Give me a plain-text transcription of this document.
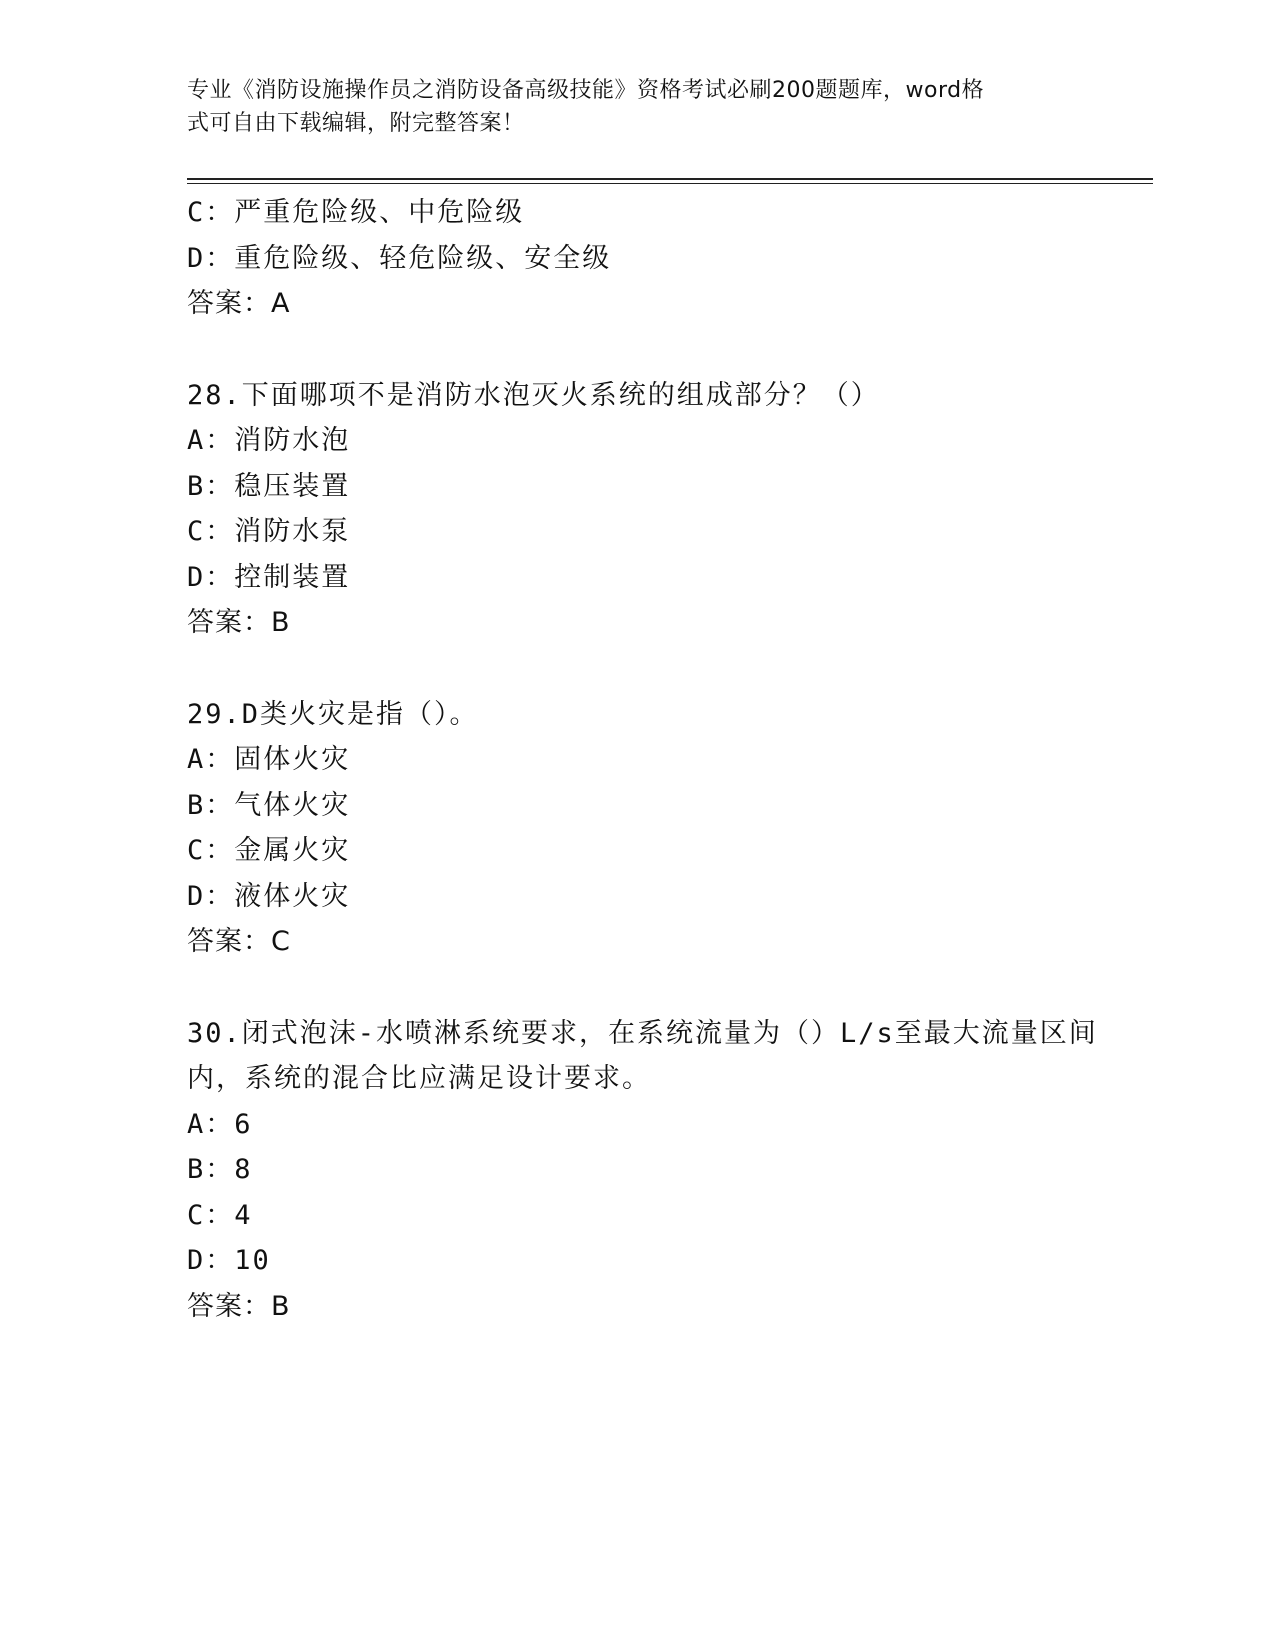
专业《消防设施操作员之消防设备高级技能》资格考试必刷200题题库，word格
式可自由下载编辑，附完整答案！
C：严重危险级、中危险级
D：重危险级、轻危险级、安全级
答案：A
28.下面哪项不是消防水泡灭火系统的组成部分？（）
A：消防水泡
B：稳压装置
C：消防水泵
D：控制装置
答案：B
29.D类火灾是指（）。
A：固体火灾
B：气体火灾
C：金属火灾
D：液体火灾
答案：C
30.闭式泡沫-水喷淋系统要求，在系统流量为（）L/s至最大流量区间
内，系统的混合比应满足设计要求。
A：6
B：8
C：4
D：10
答案：B
